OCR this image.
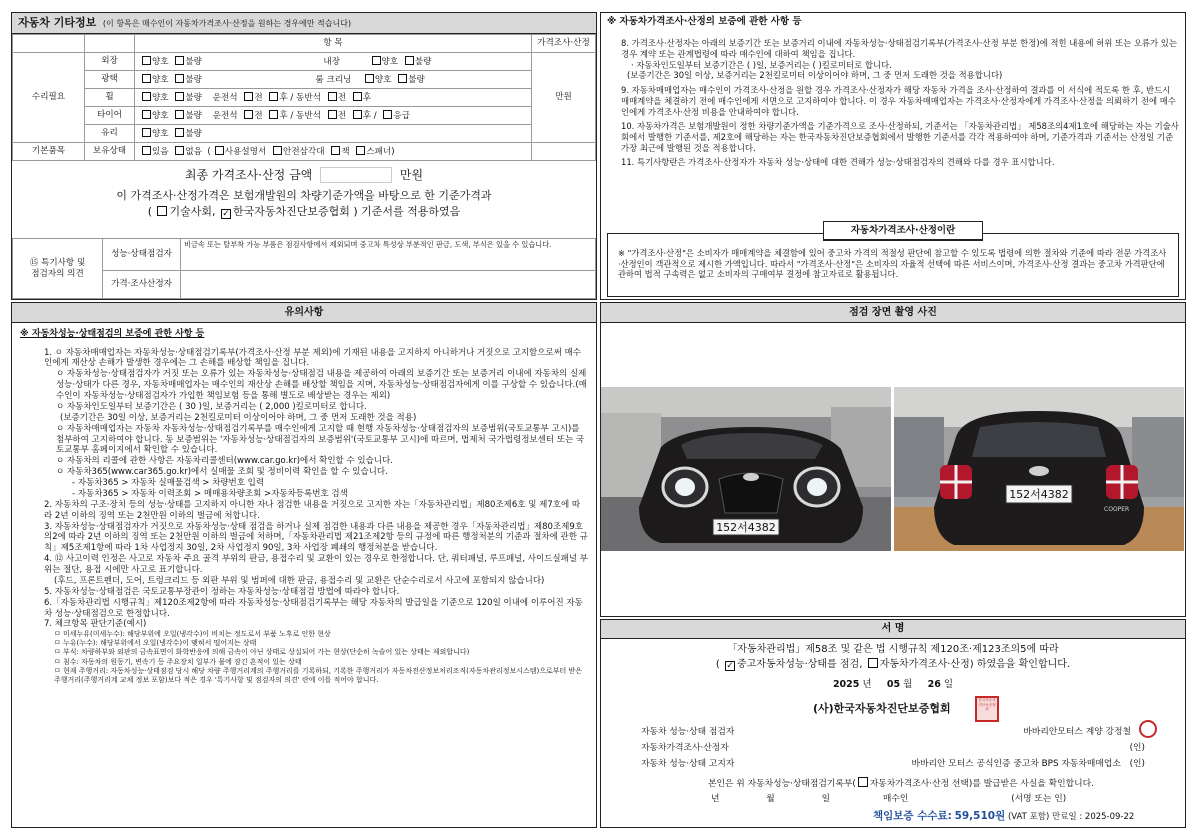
자동차 기타정보 (이 항목은 매수인이 자동차가격조사·산정을 원하는 경우에만 적습니다)
		항 목	가격조사·산정
수리필요	외장	양호 불량 내장 양호 불량	만원
	광택	양호 불량 룸 크리닝 양호 불량	
	휠	양호 불량 운전석 전 후 / 동반석 전 후	
	타이어	양호 불량 운전석 전 후 / 동반석 전 후 / 응급	
	유리	양호 불량	
기본품목	보유상태	있음 없음  ( 사용설명서 안전삼각대 잭 스패너)	
최종 가격조사·산정 금액	만원
이 가격조사·산정가격은 보험개발원의 차량기준가액을 바탕으로 한 기준가격과
( 기술사회, ✓ 한국자동차진단보증협회 ) 기준서를 적용하였음
⑮ 특기사항 및
점검자의 의견	성능·상태점검자	비금속 또는 탈부착 가능 부품은 점검사항에서 제외되며 중고차 특성상 부분적인 판금, 도색, 부식은 있을 수 있습니다.
	가격·조사산정자	
※ 자동차가격조사·산정의 보증에 관한 사항 등
8. 가격조사·산정자는 아래의 보증기간 또는 보증거리 이내에 자동차성능·상태점검기록부(가격조사·산정 부분 한정)에 적힌 내용에 허위 또는 오류가 있는 경우 계약 또는 관계법령에 따라 매수인에 대하여 책임을 집니다.
· 자동차인도일부터 보증기간은 ( )일, 보증거리는 ( )킬로미터로 합니다.
(보증기간은 30일 이상, 보증거리는 2천킬로미터 이상이어야 하며, 그 중 먼저 도래한 것을 적용합니다)
9. 자동차매매업자는 매수인이 가격조사·산정을 원할 경우 가격조사·산정자가 해당 자동차 가격을 조사·산정하여 결과를 이 서식에 적도록 한 후, 반드시 매매계약을 체결하기 전에 매수인에게 서면으로 고지하여야 합니다. 이 경우 자동차매매업자는 가격조사·산정자에게 가격조사·산정을 의뢰하기 전에 매수인에게 가격조사·산정 비용을 안내하여야 합니다.
10. 자동차가격은 보험개발원이 정한 차량기준가액을 기준가격으로 조사·산정하되, 기준서는 「자동차관리법」 제58조의4제1호에 해당하는 자는 기술사회에서 발행한 기준서를, 제2호에 해당하는 자는 한국자동차진단보증협회에서 발행한 기준서를 각각 적용하여야 하며, 기준가격과 기준서는 산정일 기준 가장 최근에 발행된 것을 적용합니다.
11. 특기사항란은 가격조사·산정자가 자동차 성능·상태에 대한 견해가 성능·상태점검자의 견해와 다를 경우 표시합니다.
※ "가격조사·산정"은 소비자가 매매계약을 체결함에 있어 중고차 가격의 적절성 판단에 참고할 수 있도록 법령에 의한 절차와 기준에 따라 전문 가격조사·산정인이 객관적으로 제시한 가액입니다. 따라서 "가격조사·산정"은 소비자의 자율적 선택에 따른 서비스이며, 가격조사·산정 결과는 중고차 가격판단에 관하여 법적 구속력은 없고 소비자의 구매여부 결정에 참고자료로 활용됩니다.
자동차가격조사·산정이란
유의사항
※ 자동차성능·상태점검의 보증에 관한 사항 등
1. ㅇ 자동차매매업자는 자동차성능·상태점검기록부(가격조사·산정 부분 제외)에 기재된 내용을 고지하지 아니하거나 거짓으로 고지함으로써 매수인에게 재산상 손해가 발생한 경우에는 그 손해를 배상할 책임을 집니다.
ㅇ 자동차성능·상태점검자가 거짓 또는 오류가 있는 자동차성능·상태점검 내용을 제공하여 아래의 보증기간 또는 보증거리 이내에 자동차의 실제 성능·상태가 다른 경우, 자동차매매업자는 매수인의 재산상 손해를 배상할 책임을 지며, 자동차성능·상태점검자에게 이를 구상할 수 있습니다.(매수인이 자동차성능·상태점검자가 가입한 책임보험 등을 통해 별도로 배상받는 경우는 제외)
ㅇ 자동차인도일부터 보증기간은 ( 30 )일, 보증거리는 ( 2,000 )킬로미터로 합니다.
(보증기간은 30일 이상, 보증거리는 2천킬로미터 이상이어야 하며, 그 중 먼저 도래한 것을 적용)
ㅇ 자동차매매업자는 자동차 자동차성능·상태점검기록부를 매수인에게 고지할 때 현행 자동차성능·상태점검자의 보증범위(국토교통부 고시)를 첨부하여 고지하여야 합니다. 동 보증범위는 '자동차성능·상태점검자의 보증범위'(국토교통부 고시)에 따르며, 법제처 국가법령정보센터 또는 국토교통부 홈페이지에서 확인할 수 있습니다.
ㅇ 자동차의 리콜에 관한 사항은 자동차리콜센터(www.car.go.kr)에서 확인할 수 있습니다.
ㅇ 자동차365(www.car365.go.kr)에서 실매물 조회 및 정비이력 확인을 할 수 있습니다.
- 자동차365 > 자동차 실매물검색 > 차량번호 입력
- 자동차365 > 자동차 이력조회 > 매매용차량조회 >자동차등록번호 검색
2. 자동차의 구조·장치 등의 성능·상태를 고지하지 아니한 자나 점검한 내용을 거짓으로 고지한 자는「자동차관리법」제80조제6호 및 제7호에 따라 2년 이하의 징역 또는 2천만원 이하의 벌금에 처합니다.
3. 자동차성능·상태점검자가 거짓으로 자동차성능·상태 점검을 하거나 실제 점검한 내용과 다른 내용을 제공한 경우「자동차관리법」제80조제9호의2에 따라 2년 이하의 징역 또는 2천만원 이하의 벌금에 처하며,「자동차관리법 제21조제2항 등의 규정에 따른 행정처분의 기준과 절차에 관한 규칙」제5조제1항에 따라 1차 사업정지 30일, 2차 사업정지 90일, 3차 사업장 폐쇄의 행정처분을 받습니다.
4. ⑫ 사고이력 인정은 사고로 자동차 주요 골격 부위의 판금, 용접수리 및 교환이 있는 경우로 한정합니다. 단, 쿼터패널, 루프패널, 사이드실패널 부위는 절단, 용접 시에만 사고로 표기합니다.
(후드, 프론트펜더, 도어, 트렁크리드 등 외판 부위 및 범퍼에 대한 판금, 용접수리 및 교환은 단순수리로서 사고에 포함되지 않습니다)
5. 자동차성능·상태점검은 국토교통부장관이 정하는 자동차성능·상태점검 방법에 따라야 합니다.
6.「자동차관리법 시행규칙」제120조제2항에 따라 자동차성능·상태점검기록부는 해당 자동차의 발급일을 기준으로 120일 이내에 이루어진 자동차 성능·상태점검으로 한정합니다.
7. 체크항목 판단기준(예시)
ㅁ 미세누유(미세누수): 해당부위에 오일(냉각수)이 비치는 정도로서 부품 노후로 인한 현상
ㅁ 누유(누수): 해당부위에서 오일(냉각수)이 맺혀서 떨어지는 상태
ㅁ 부식: 차량하부와 외판의 금속표면이 화학반응에 의해 금속이 아닌 상태로 상실되어 가는 현상(단순히 녹슬어 있는 상태는 제외합니다)
ㅁ 침수: 자동차의 원동기, 변속기 등 주요장치 일부가 물에 잠긴 흔적이 있는 상태
ㅁ 현재 주행거리: 자동차성능·상태점검 당시 해당 차량 주행거리계의 주행거리를 기록하되, 기록한 주행거리가 자동차전산정보처리조직(자동차관리정보시스템)으로부터 받은 주행거리(주행거리계 교체 정보 포함)보다 적은 경우 '특기사항 및 점검자의 의견' 란에 이를 적어야 합니다.
점검 장면 촬영 사진
152서4382
152서4382
COOPER
서 명
「자동차관리법」제58조 및 같은 법 시행규칙 제120조·제123조의5에 따라
( ✓ 중고자동차성능·상태를 점검, 자동차가격조사·산정) 하였음을 확인합니다.
2025 년 05 월 26 일
(사)한국자동차진단보증협회
한국자동차진단보증협회
자동차 성능·상태 점검자	바바리안모터스 계양 강정철
자동차가격조사·산정자	(인)
자동차 성능·상태 고지자	바바리안 모터스 공식인증 중고차 BPS 자동차매매업소 (인)
본인은 위 자동차성능·상태점검기록부( 자동차가격조사·산정 선택)를 발급받은 사실을 확인합니다.
년	월	일	매수인	(서명 또는 인)
책임보증 수수료: 59,510원 (VAT 포함) 만료일 : 2025-09-22
